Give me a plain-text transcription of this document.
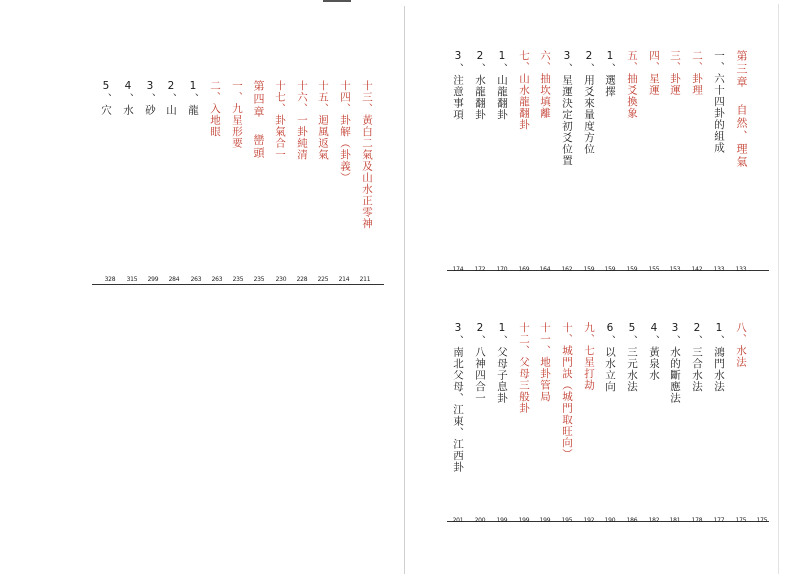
第三章 自然、理氣
133
一、六十四卦的組成
133
二、卦理
142
三、卦運
153
四、星運
155
五、抽爻換象
159
1、選擇
159
2、用爻來量度方位
159
3、星運決定初爻位置
162
六、抽坎填離
164
七、山水龍翻卦
169
1、山龍翻卦
170
2、水龍翻卦
172
3、注意事項
174
八、水法
175
1、鴻門水法
175
2、三合水法
177
3、水的斷應法
178
4、黃泉水
181
5、三元水法
182
6、以水立向
186
九、七星打劫
190
十、城門訣（城門取旺向）
192
十一、地卦管局
195
十二、父母三般卦
199
1、父母子息卦
199
2、八神四合一
199
3、南北父母、江東、江西卦
200
201
十三、黃白二氣及山水正零神
211
十四、卦解（卦義）
214
十五、迴風返氣
225
十六、一卦純清
228
十七、卦氣合一
230
第四章 巒頭
235
一、九星形要
235
二、入地眼
263
1、龍
263
2、山
284
3、砂
299
4、水
315
5、穴
328
